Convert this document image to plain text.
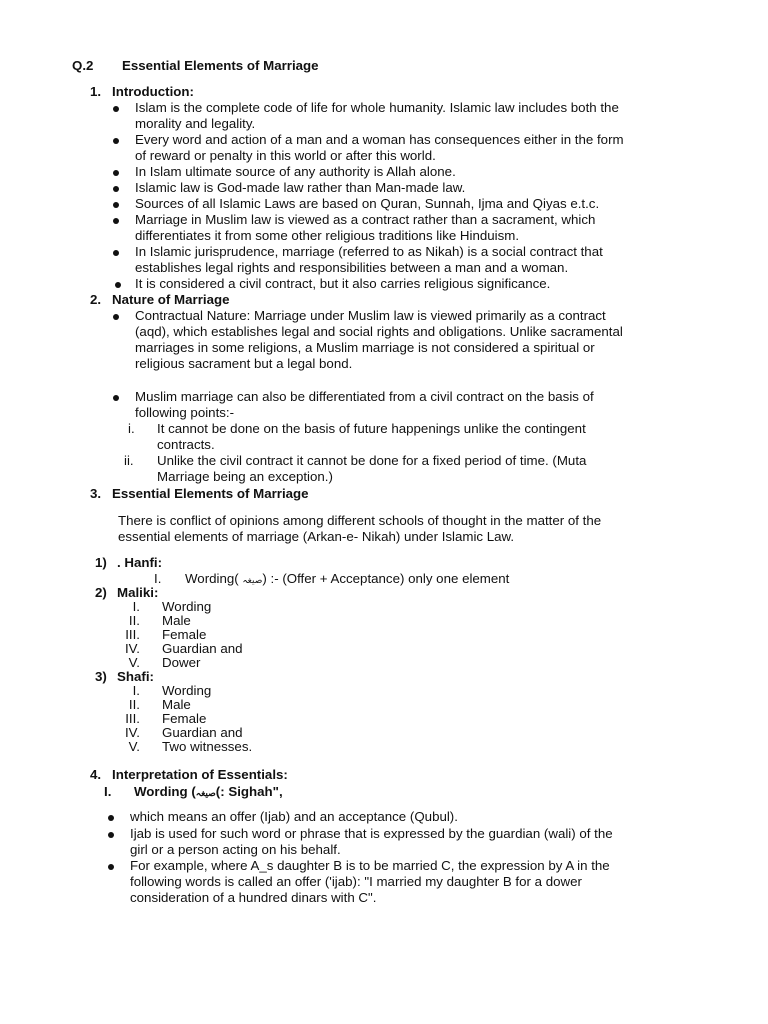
Q.2 Essential Elements of Marriage
1. Introduction:
Islam is the complete code of life for whole humanity. Islamic law includes both the
morality and legality.
Every word and action of a man and a woman has consequences either in the form
of reward or penalty in this world or after this world.
In Islam ultimate source of any authority is Allah alone.
Islamic law is God-made law rather than Man-made law.
Sources of all Islamic Laws are based on Quran, Sunnah, Ijma and Qiyas e.t.c.
Marriage in Muslim law is viewed as a contract rather than a sacrament, which
differentiates it from some other religious traditions like Hinduism.
In Islamic jurisprudence, marriage (referred to as Nikah) is a social contract that
establishes legal rights and responsibilities between a man and a woman.
It is considered a civil contract, but it also carries religious significance.
2. Nature of Marriage
Contractual Nature: Marriage under Muslim law is viewed primarily as a contract
(aqd), which establishes legal and social rights and obligations. Unlike sacramental
marriages in some religions, a Muslim marriage is not considered a spiritual or
religious sacrament but a legal bond.
Muslim marriage can also be differentiated from a civil contract on the basis of
following points:-
i. It cannot be done on the basis of future happenings unlike the contingent
contracts.
ii. Unlike the civil contract it cannot be done for a fixed period of time. (Muta
Marriage being an exception.)
3. Essential Elements of Marriage
There is conflict of opinions among different schools of thought in the matter of the
essential elements of marriage (Arkan-e- Nikah) under Islamic Law.
1) . Hanfi:
I. Wording( صیغہ) :- (Offer + Acceptance) only one element
2) Maliki:
I. Wording
II. Male
III. Female
IV. Guardian and
V. Dower
3) Shafi:
I. Wording
II. Male
III. Female
IV. Guardian and
V. Two witnesses.
4. Interpretation of Essentials:
I. Wording (صیغہ(: Sighah",
which means an offer (Ijab) and an acceptance (Qubul).
Ijab is used for such word or phrase that is expressed by the guardian (wali) of the
girl or a person acting on his behalf.
For example, where A_s daughter B is to be married C, the expression by A in the
following words is called an offer ('ijab): "I married my daughter B for a dower
consideration of a hundred dinars with C".
